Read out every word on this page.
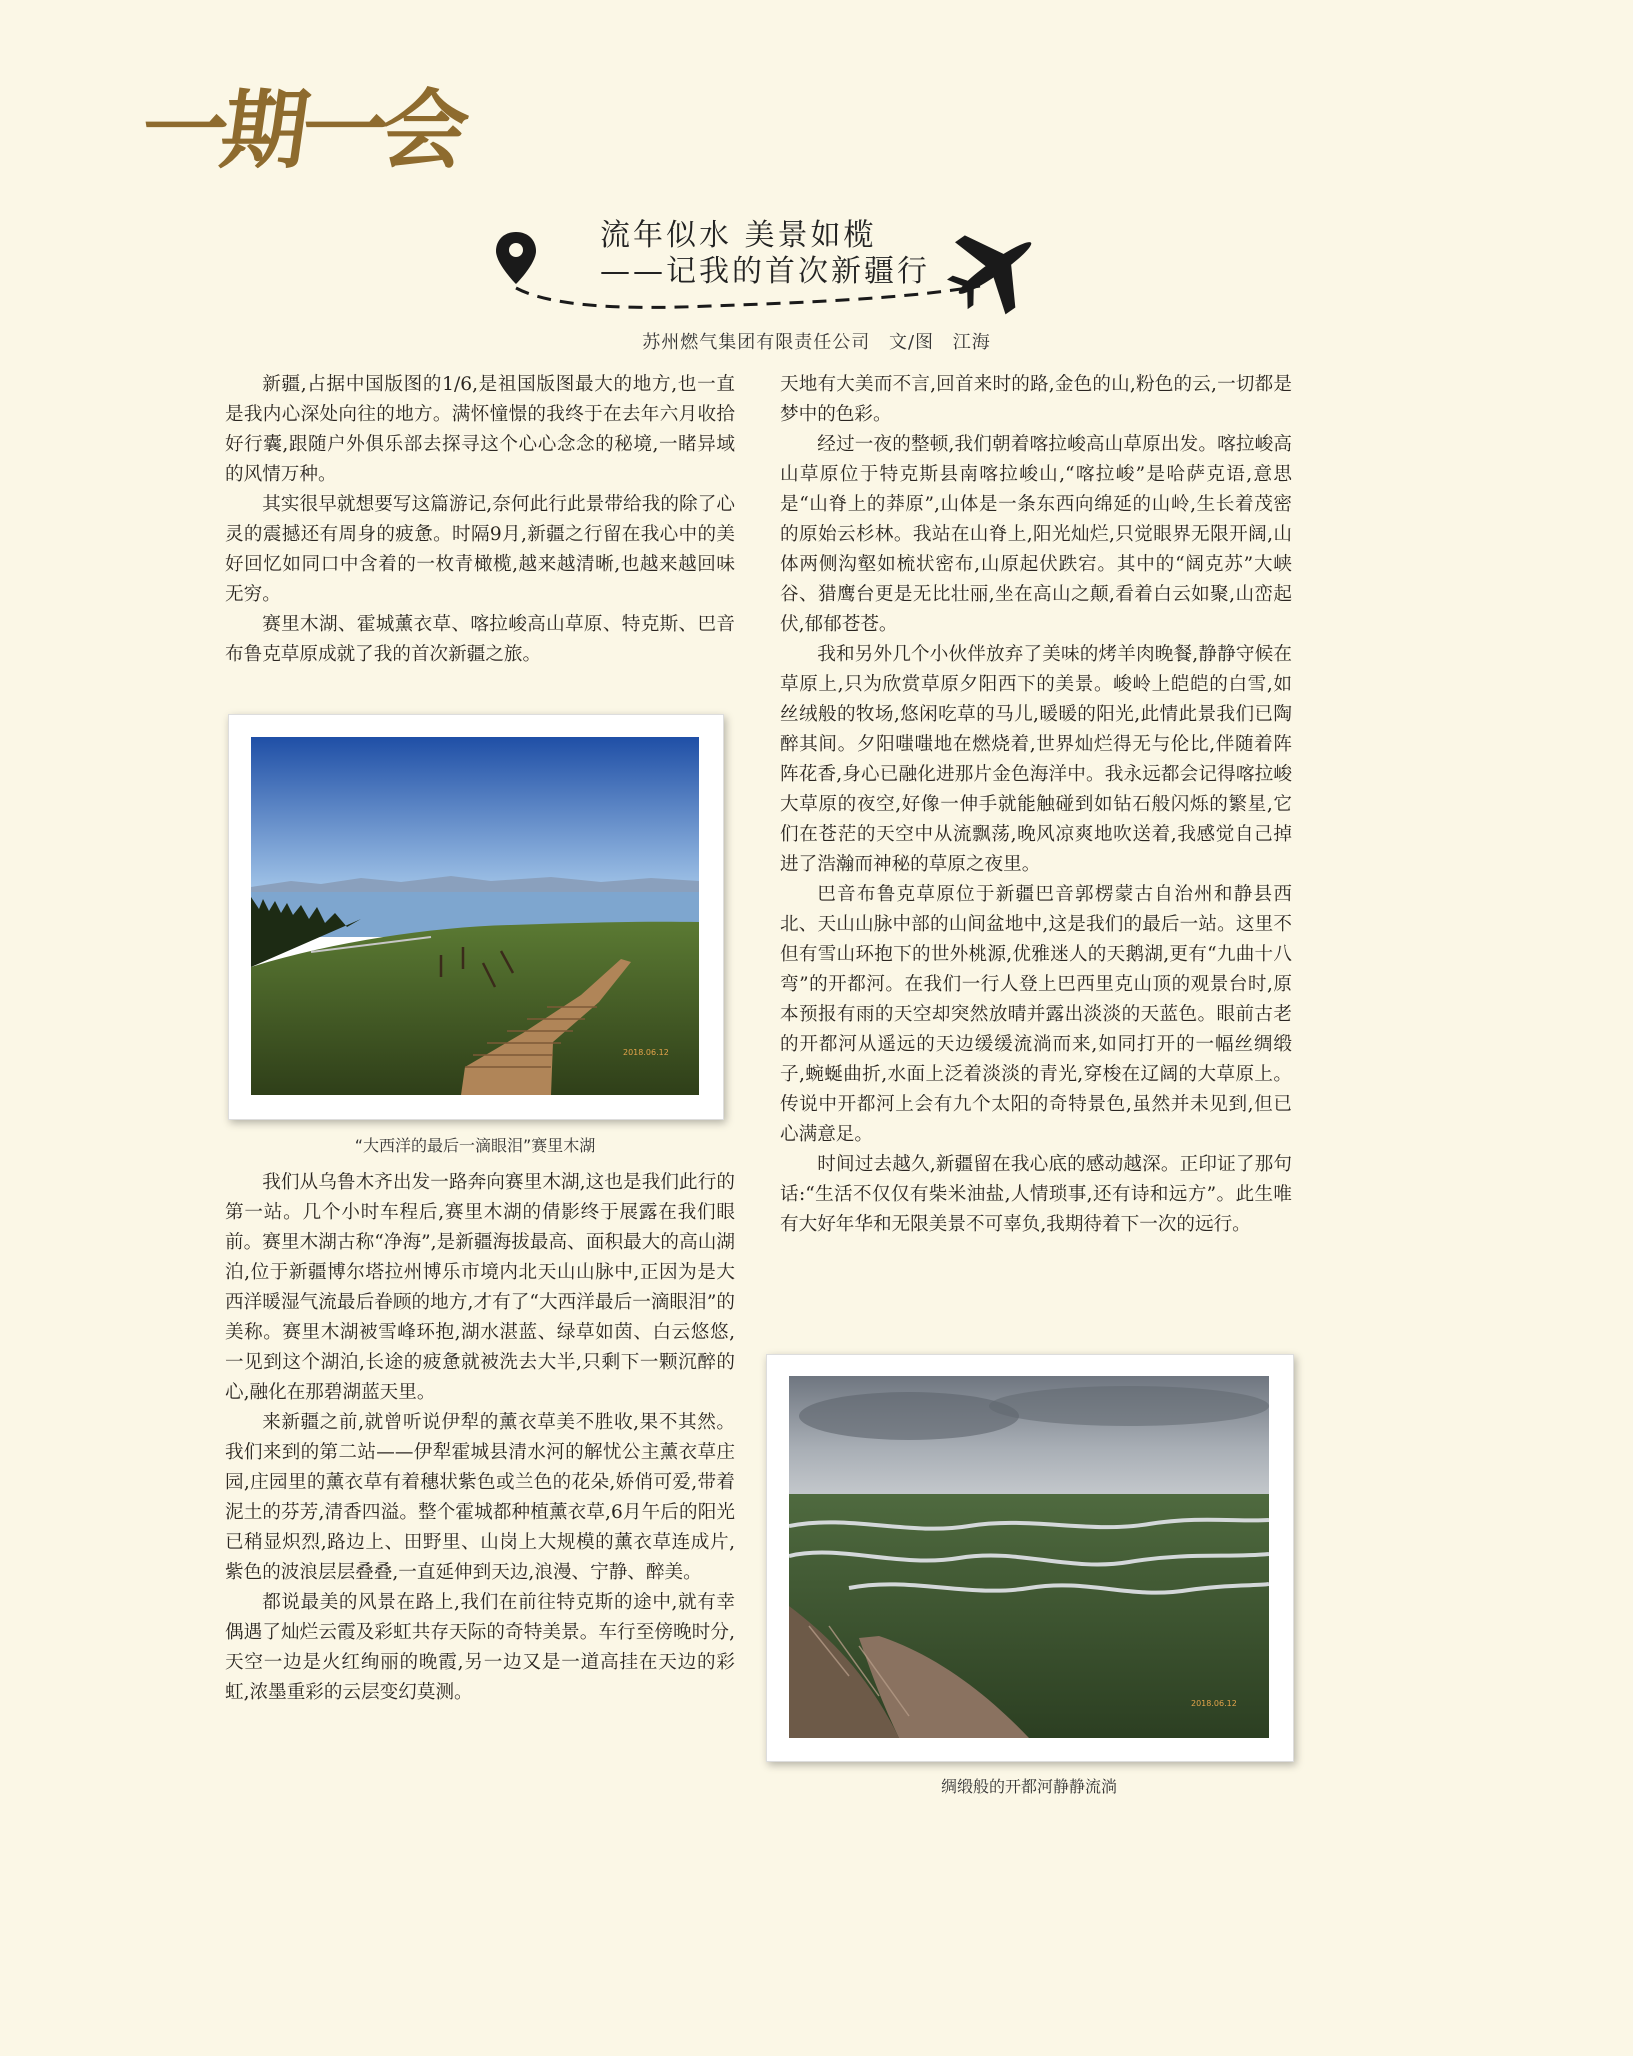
一期一会
流年似水 美景如榄
——记我的首次新疆行
苏州燃气集团有限责任公司 文/图 江海

新疆,占据中国版图的1/6,是祖国版图最大的地方,也一直是我内心深处向往的地方。满怀憧憬的我终于在去年六月收拾好行囊,跟随户外俱乐部去探寻这个心心念念的秘境,一睹异域的风情万种。

其实很早就想要写这篇游记,奈何此行此景带给我的除了心灵的震撼还有周身的疲惫。时隔9月,新疆之行留在我心中的美好回忆如同口中含着的一枚青橄榄,越来越清晰,也越来越回味无穷。

赛里木湖、霍城薰衣草、喀拉峻高山草原、特克斯、巴音布鲁克草原成就了我的首次新疆之旅。

2018.06.12
“大西洋的最后一滴眼泪”赛里木湖

我们从乌鲁木齐出发一路奔向赛里木湖,这也是我们此行的第一站。几个小时车程后,赛里木湖的倩影终于展露在我们眼前。赛里木湖古称“净海”,是新疆海拔最高、面积最大的高山湖泊,位于新疆博尔塔拉州博乐市境内北天山山脉中,正因为是大西洋暖湿气流最后眷顾的地方,才有了“大西洋最后一滴眼泪”的美称。赛里木湖被雪峰环抱,湖水湛蓝、绿草如茵、白云悠悠,一见到这个湖泊,长途的疲惫就被洗去大半,只剩下一颗沉醉的心,融化在那碧湖蓝天里。

来新疆之前,就曾听说伊犁的薰衣草美不胜收,果不其然。我们来到的第二站——伊犁霍城县清水河的解忧公主薰衣草庄园,庄园里的薰衣草有着穗状紫色或兰色的花朵,娇俏可爱,带着泥土的芬芳,清香四溢。整个霍城都种植薰衣草,6月午后的阳光已稍显炽烈,路边上、田野里、山岗上大规模的薰衣草连成片,紫色的波浪层层叠叠,一直延伸到天边,浪漫、宁静、醉美。

都说最美的风景在路上,我们在前往特克斯的途中,就有幸偶遇了灿烂云霞及彩虹共存天际的奇特美景。车行至傍晚时分,天空一边是火红绚丽的晚霞,另一边又是一道高挂在天边的彩虹,浓墨重彩的云层变幻莫测。

天地有大美而不言,回首来时的路,金色的山,粉色的云,一切都是梦中的色彩。

经过一夜的整顿,我们朝着喀拉峻高山草原出发。喀拉峻高山草原位于特克斯县南喀拉峻山,“喀拉峻”是哈萨克语,意思是“山脊上的莽原”,山体是一条东西向绵延的山岭,生长着茂密的原始云杉林。我站在山脊上,阳光灿烂,只觉眼界无限开阔,山体两侧沟壑如梳状密布,山原起伏跌宕。其中的“阔克苏”大峡谷、猎鹰台更是无比壮丽,坐在高山之颠,看着白云如聚,山峦起伏,郁郁苍苍。

我和另外几个小伙伴放弃了美味的烤羊肉晚餐,静静守候在草原上,只为欣赏草原夕阳西下的美景。峻岭上皑皑的白雪,如丝绒般的牧场,悠闲吃草的马儿,暖暖的阳光,此情此景我们已陶醉其间。夕阳嗤嗤地在燃烧着,世界灿烂得无与伦比,伴随着阵阵花香,身心已融化进那片金色海洋中。我永远都会记得喀拉峻大草原的夜空,好像一伸手就能触碰到如钻石般闪烁的繁星,它们在苍茫的天空中从流飘荡,晚风凉爽地吹送着,我感觉自己掉进了浩瀚而神秘的草原之夜里。

巴音布鲁克草原位于新疆巴音郭楞蒙古自治州和静县西北、天山山脉中部的山间盆地中,这是我们的最后一站。这里不但有雪山环抱下的世外桃源,优雅迷人的天鹅湖,更有“九曲十八弯”的开都河。在我们一行人登上巴西里克山顶的观景台时,原本预报有雨的天空却突然放晴并露出淡淡的天蓝色。眼前古老的开都河从遥远的天边缓缓流淌而来,如同打开的一幅丝绸缎子,蜿蜒曲折,水面上泛着淡淡的青光,穿梭在辽阔的大草原上。传说中开都河上会有九个太阳的奇特景色,虽然并未见到,但已心满意足。

时间过去越久,新疆留在我心底的感动越深。正印证了那句话:“生活不仅仅有柴米油盐,人情琐事,还有诗和远方”。此生唯有大好年华和无限美景不可辜负,我期待着下一次的远行。

2018.06.12
绸缎般的开都河静静流淌
